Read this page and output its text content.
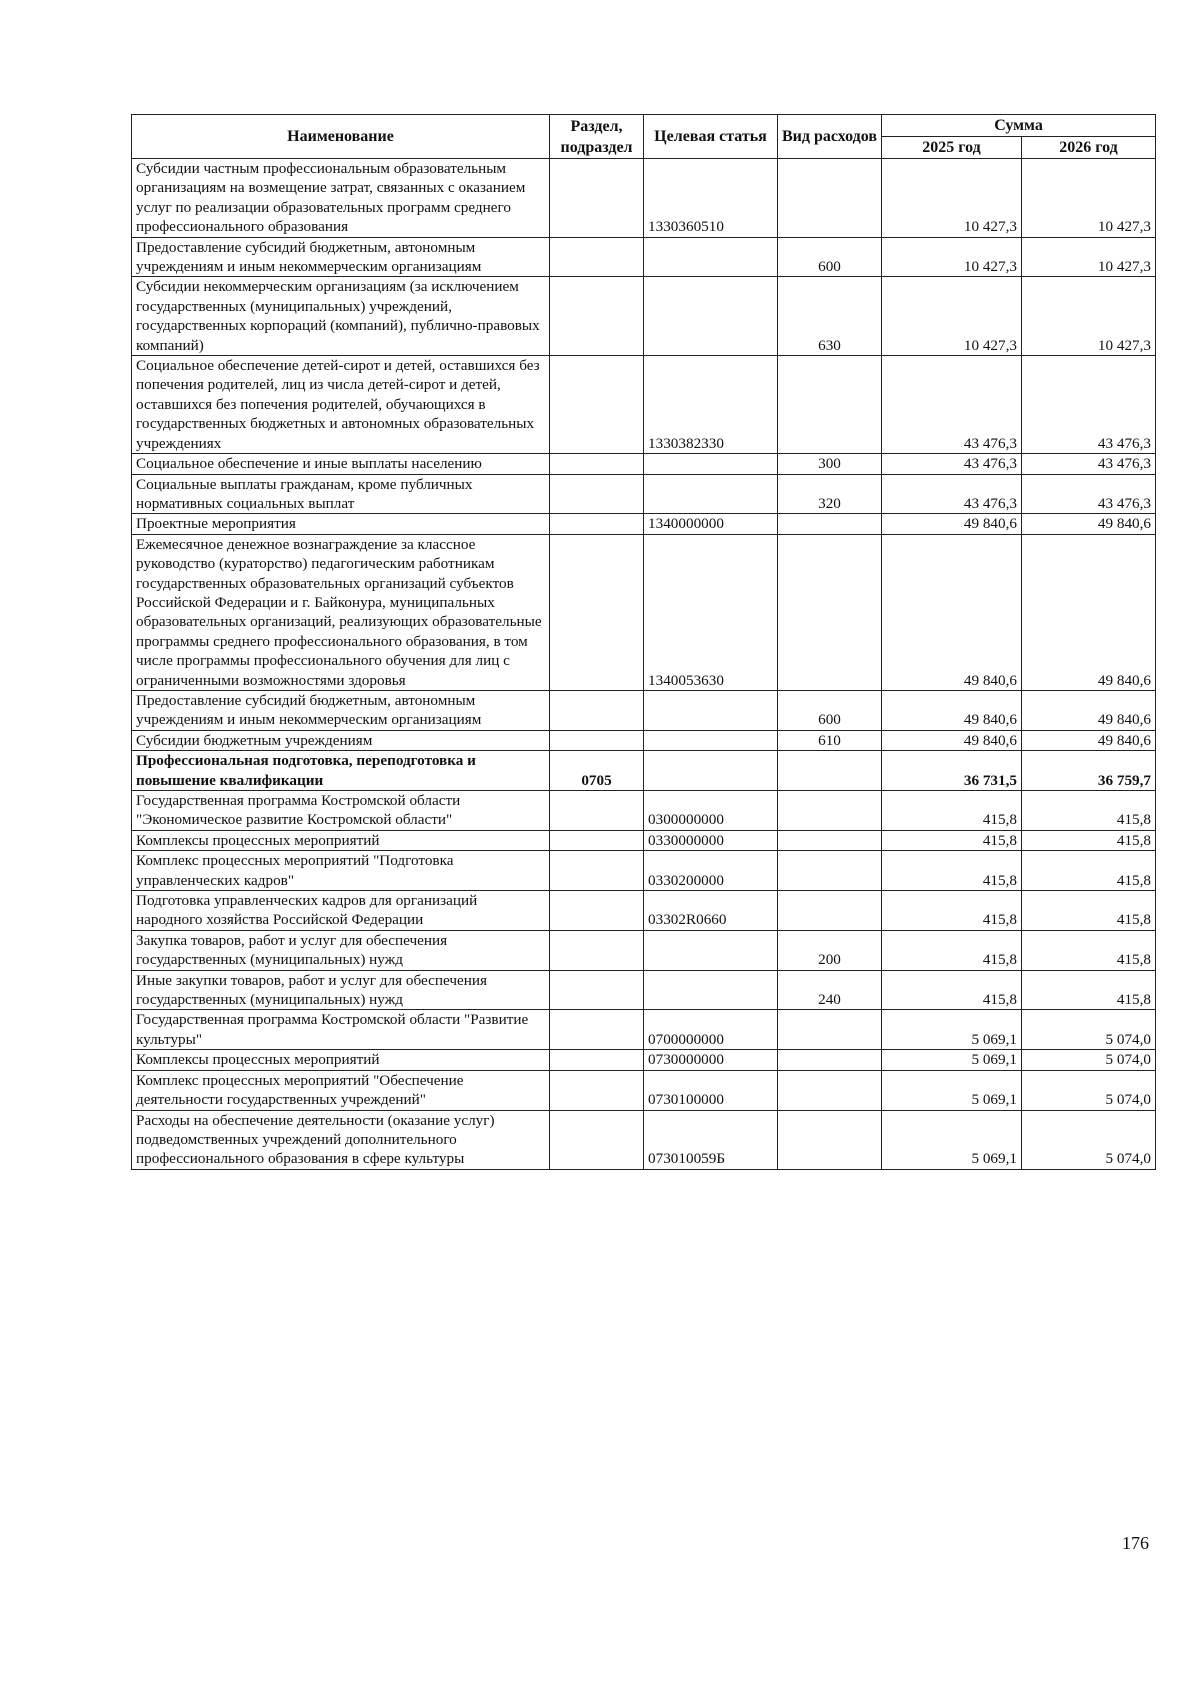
Наименование	Раздел, подраздел	Целевая статья	Вид расходов	Сумма	
				2025 год	2026 год
Субсидии частным профессиональным образовательным организациям на возмещение затрат, связанных с оказанием услуг по реализации образовательных программ среднего профессионального образования		1330360510		10 427,3	10 427,3
Предоставление субсидий бюджетным, автономным учреждениям и иным некоммерческим организациям			600	10 427,3	10 427,3
Субсидии некоммерческим организациям (за исключением государственных (муниципальных) учреждений, государственных корпораций (компаний), публично-правовых компаний)			630	10 427,3	10 427,3
Социальное обеспечение детей-сирот и детей, оставшихся без попечения родителей, лиц из числа детей-сирот и детей, оставшихся без попечения родителей, обучающихся в государственных бюджетных и автономных образовательных учреждениях		1330382330		43 476,3	43 476,3
Социальное обеспечение и иные выплаты населению			300	43 476,3	43 476,3
Социальные выплаты гражданам, кроме публичных нормативных социальных выплат			320	43 476,3	43 476,3
Проектные мероприятия		1340000000		49 840,6	49 840,6
Ежемесячное денежное вознаграждение за классное руководство (кураторство) педагогическим работникам государственных образовательных организаций субъектов Российской Федерации и г. Байконура, муниципальных образовательных организаций, реализующих образовательные программы среднего профессионального образования, в том числе программы профессионального обучения для лиц с ограниченными возможностями здоровья		1340053630		49 840,6	49 840,6
Предоставление субсидий бюджетным, автономным учреждениям и иным некоммерческим организациям			600	49 840,6	49 840,6
Субсидии бюджетным учреждениям			610	49 840,6	49 840,6
Профессиональная подготовка, переподготовка и повышение квалификации	0705			36 731,5	36 759,7
Государственная программа Костромской области "Экономическое развитие Костромской области"		0300000000		415,8	415,8
Комплексы процессных мероприятий		0330000000		415,8	415,8
Комплекс процессных мероприятий "Подготовка управленческих кадров"		0330200000		415,8	415,8
Подготовка управленческих кадров для организаций народного хозяйства Российской Федерации		03302R0660		415,8	415,8
Закупка товаров, работ и услуг для обеспечения государственных (муниципальных) нужд			200	415,8	415,8
Иные закупки товаров, работ и услуг для обеспечения государственных (муниципальных) нужд			240	415,8	415,8
Государственная программа Костромской области "Развитие культуры"		0700000000		5 069,1	5 074,0
Комплексы процессных мероприятий		0730000000		5 069,1	5 074,0
Комплекс процессных мероприятий "Обеспечение деятельности государственных учреждений"		0730100000		5 069,1	5 074,0
Расходы на обеспечение деятельности (оказание услуг) подведомственных учреждений дополнительного профессионального образования в сфере культуры		073010059Б		5 069,1	5 074,0
176
